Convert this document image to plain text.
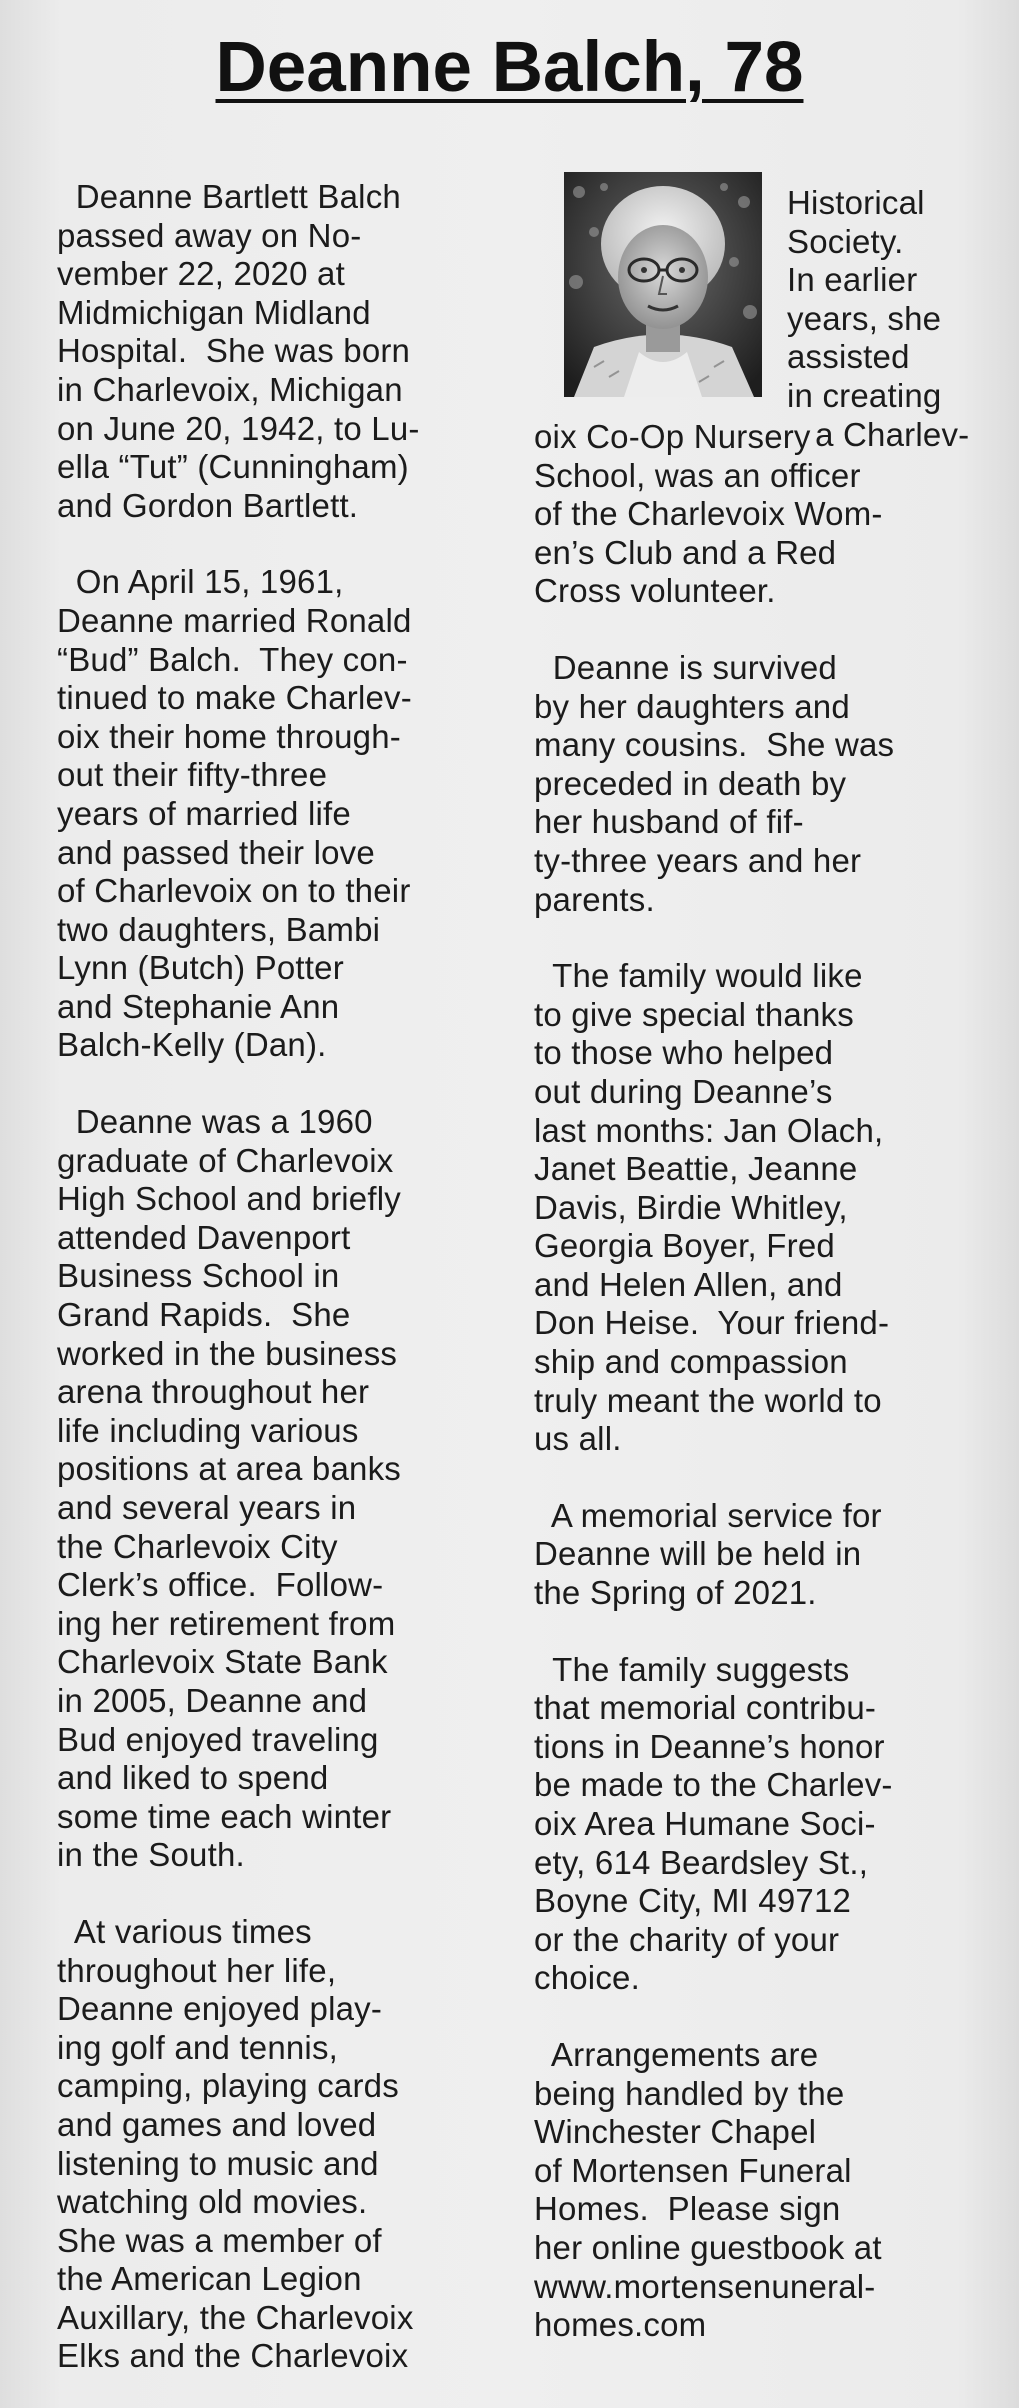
Deanne Balch, 78

Deanne Bartlett Balch
passed away on No-
vember 22, 2020 at
Midmichigan Midland
Hospital.  She was born
in Charlevoix, Michigan
on June 20, 1942, to Lu-
ella “Tut” (Cunningham)
and Gordon Bartlett.

On April 15, 1961,
Deanne married Ronald
“Bud” Balch.  They con-
tinued to make Charlev-
oix their home through-
out their fifty-three
years of married life
and passed their love
of Charlevoix on to their
two daughters, Bambi
Lynn (Butch) Potter
and Stephanie Ann
Balch-Kelly (Dan).

Deanne was a 1960
graduate of Charlevoix
High School and briefly
attended Davenport
Business School in
Grand Rapids.  She
worked in the business
arena throughout her
life including various
positions at area banks
and several years in
the Charlevoix City
Clerk’s office.  Follow-
ing her retirement from
Charlevoix State Bank
in 2005, Deanne and
Bud enjoyed traveling
and liked to spend
some time each winter
in the South.

At various times
throughout her life,
Deanne enjoyed play-
ing golf and tennis,
camping, playing cards
and games and loved
listening to music and
watching old movies.
She was a member of
the American Legion
Auxillary, the Charlevoix
Elks and the Charlevoix

Historical
Society.
In earlier
years, she
assisted
in creating
a Charlev-

oix Co-Op Nursery
School, was an officer
of the Charlevoix Wom-
en’s Club and a Red
Cross volunteer.

Deanne is survived
by her daughters and
many cousins.  She was
preceded in death by
her husband of fif-
ty-three years and her
parents.

The family would like
to give special thanks
to those who helped
out during Deanne’s
last months: Jan Olach,
Janet Beattie, Jeanne
Davis, Birdie Whitley,
Georgia Boyer, Fred
and Helen Allen, and
Don Heise.  Your friend-
ship and compassion
truly meant the world to
us all.

A memorial service for
Deanne will be held in
the Spring of 2021.

The family suggests
that memorial contribu-
tions in Deanne’s honor
be made to the Charlev-
oix Area Humane Soci-
ety, 614 Beardsley St.,
Boyne City, MI 49712
or the charity of your
choice.

Arrangements are
being handled by the
Winchester Chapel
of Mortensen Funeral
Homes.  Please sign
her online guestbook at
www.mortensenuneral-
homes.com
